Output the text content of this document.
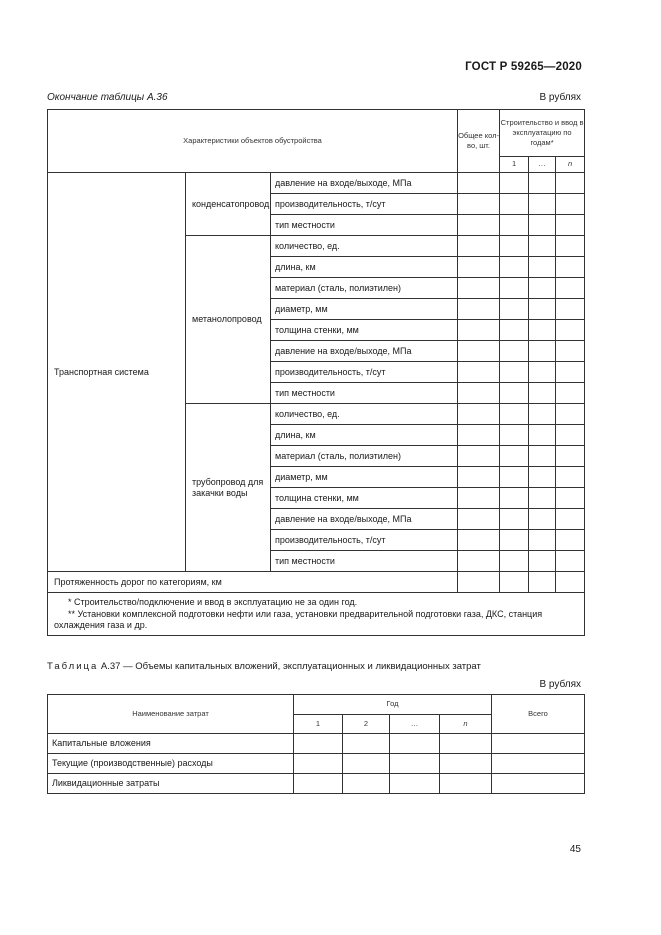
ГОСТ Р 59265—2020
Окончание таблицы А.36	В рублях
Характеристики объектов обустройства			Общее кол-во, шт.	Строительство и ввод в эксплуатацию по годам*		
				1	…	n
Транспортная система	конденсатопровод	давление на входе/выходе, МПа				
		производительность, т/сут				
		тип местности				
	метанолопровод	количество, ед.				
		длина, км				
		материал (сталь, полиэтилен)				
		диаметр, мм				
		толщина стенки, мм				
		давление на входе/выходе, МПа				
		производительность, т/сут				
		тип местности				
	трубопровод для закачки воды	количество, ед.				
		длина, км				
		материал (сталь, полиэтилен)				
		диаметр, мм				
		толщина стенки, мм				
		давление на входе/выходе, МПа				
		производительность, т/сут				
		тип местности				
Протяженность дорог по категориям, км						

* Строительство/подключение и ввод в эксплуатацию не за один год.
** Установки комплексной подготовки нефти или газа, установки предварительной подготовки газа, ДКС, станция охлаждения газа и др.						
Таблица А.37 — Объемы капитальных вложений, эксплуатационных и ликвидационных затрат
В рублях
Наименование затрат	Год				Всего
	1	2	…	n	
Капитальные вложения					
Текущие (производственные) расходы					
Ликвидационные затраты					
45
